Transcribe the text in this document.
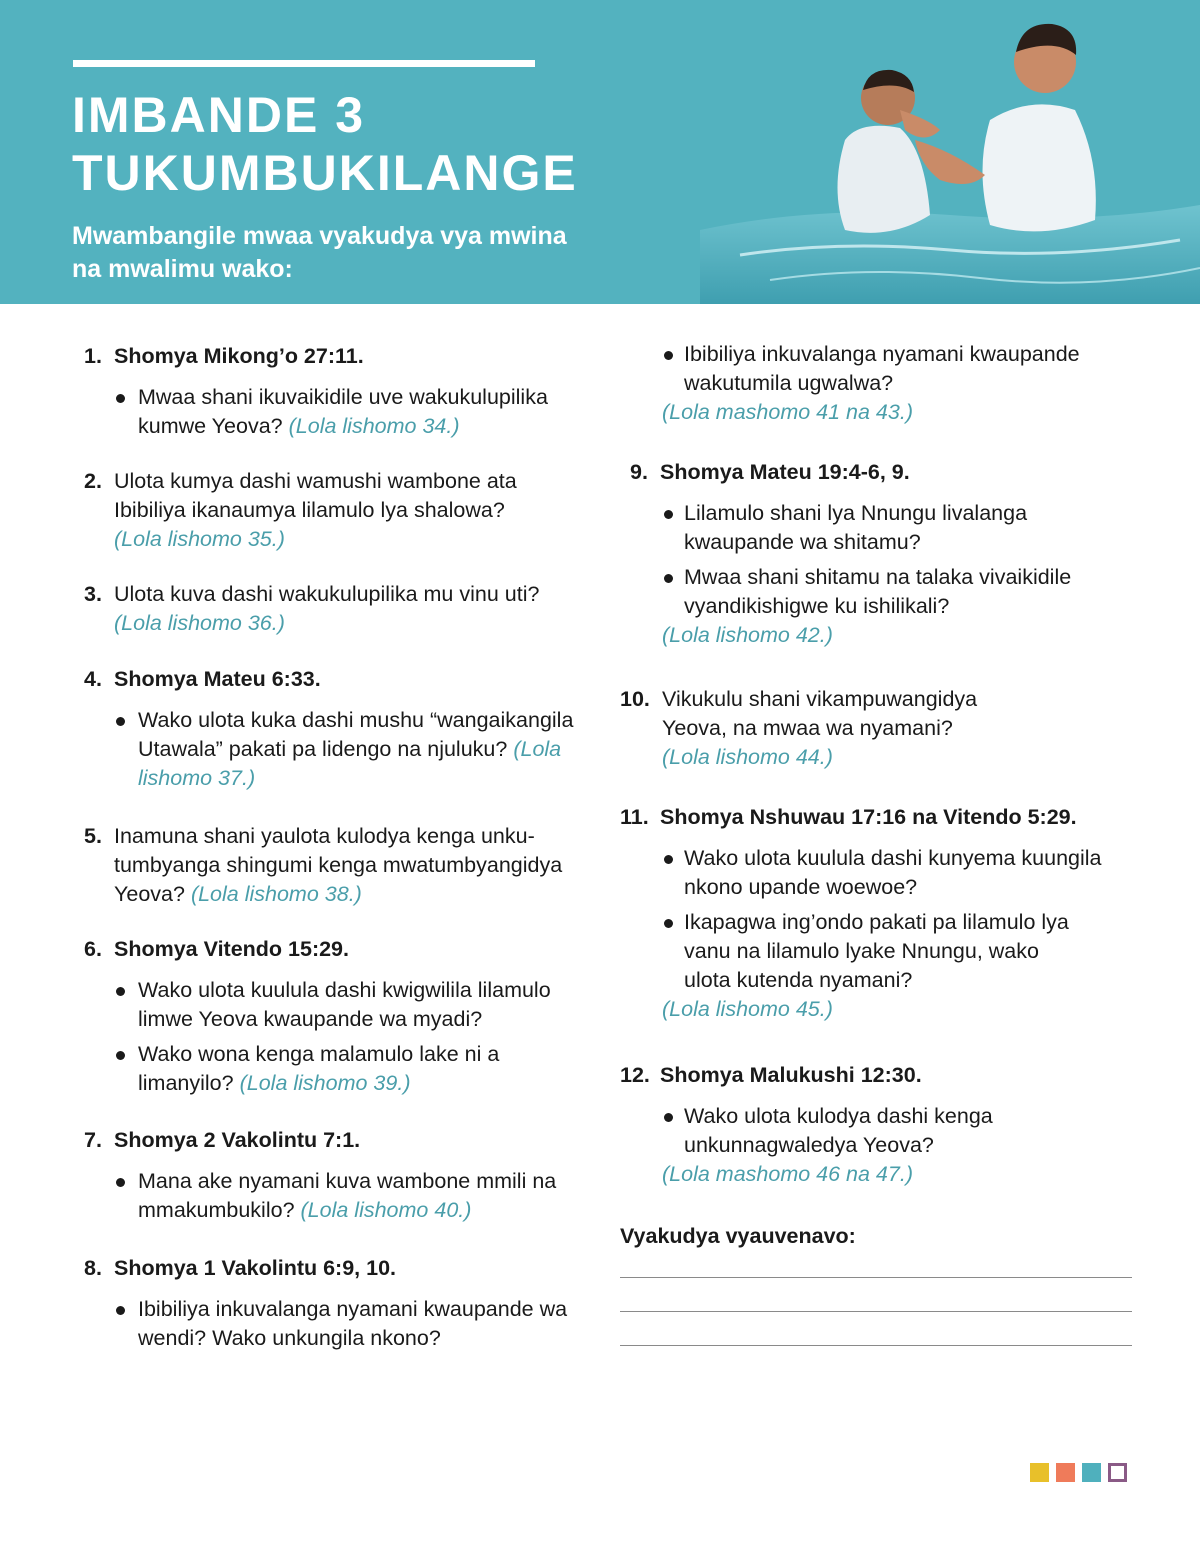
IMBANDE 3
TUKUMBUKILANGE

Mwambangile mwaa vyakudya vya mwina na mwalimu wako:

1. Shomya Mikong’o 27:11.
Mwaa shani ikuvaikidile uve wakukulupilika kumwe Yeova? (Lola lishomo 34.)
2. Ulota kumya dashi wamushi wambone ata Ibibiliya ikanaumya lilamulo lya shalowa?
(Lola lishomo 35.)
3. Ulota kuva dashi wakukulupilika mu vinu uti?
(Lola lishomo 36.)
4. Shomya Mateu 6:33.
Wako ulota kuka dashi mushu “wangaikangila Utawala” pakati pa lidengo na njuluku? (Lola lishomo 37.)
5. Inamuna shani yaulota kulodya kenga unkutumbyanga shingumi kenga mwatumbyangidya Yeova? (Lola lishomo 38.)
6. Shomya Vitendo 15:29.
Wako ulota kuulula dashi kwigwilila lilamulo limwe Yeova kwaupande wa myadi?
Wako wona kenga malamulo lake ni a limanyilo? (Lola lishomo 39.)
7. Shomya 2 Vakolintu 7:1.
Mana ake nyamani kuva wambone mmili na mmakumbukilo? (Lola lishomo 40.)
8. Shomya 1 Vakolintu 6:9, 10.
Ibibiliya inkuvalanga nyamani kwaupande wa wendi? Wako unkungila nkono?
Ibibiliya inkuvalanga nyamani kwaupande wakutumila ugwalwa?
(Lola mashomo 41 na 43.)
9. Shomya Mateu 19:4-6, 9.
Lilamulo shani lya Nnungu livalanga kwaupande wa shitamu?
Mwaa shani shitamu na talaka vivaikidile vyandikishigwe ku ishilikali?
(Lola lishomo 42.)
10. Vikukulu shani vikampuwangidya Yeova, na mwaa wa nyamani?
(Lola lishomo 44.)
11. Shomya Nshuwau 17:16 na Vitendo 5:29.
Wako ulota kuulula dashi kunyema kuungila nkono upande woewoe?
Ikapagwa ing’ondo pakati pa lilamulo lya vanu na lilamulo lyake Nnungu, wako ulota kutenda nyamani?
(Lola lishomo 45.)
12. Shomya Malukushi 12:30.
Wako ulota kulodya dashi kenga unkunnagwaledya Yeova?
(Lola mashomo 46 na 47.)
Vyakudya vyauvenavo:
